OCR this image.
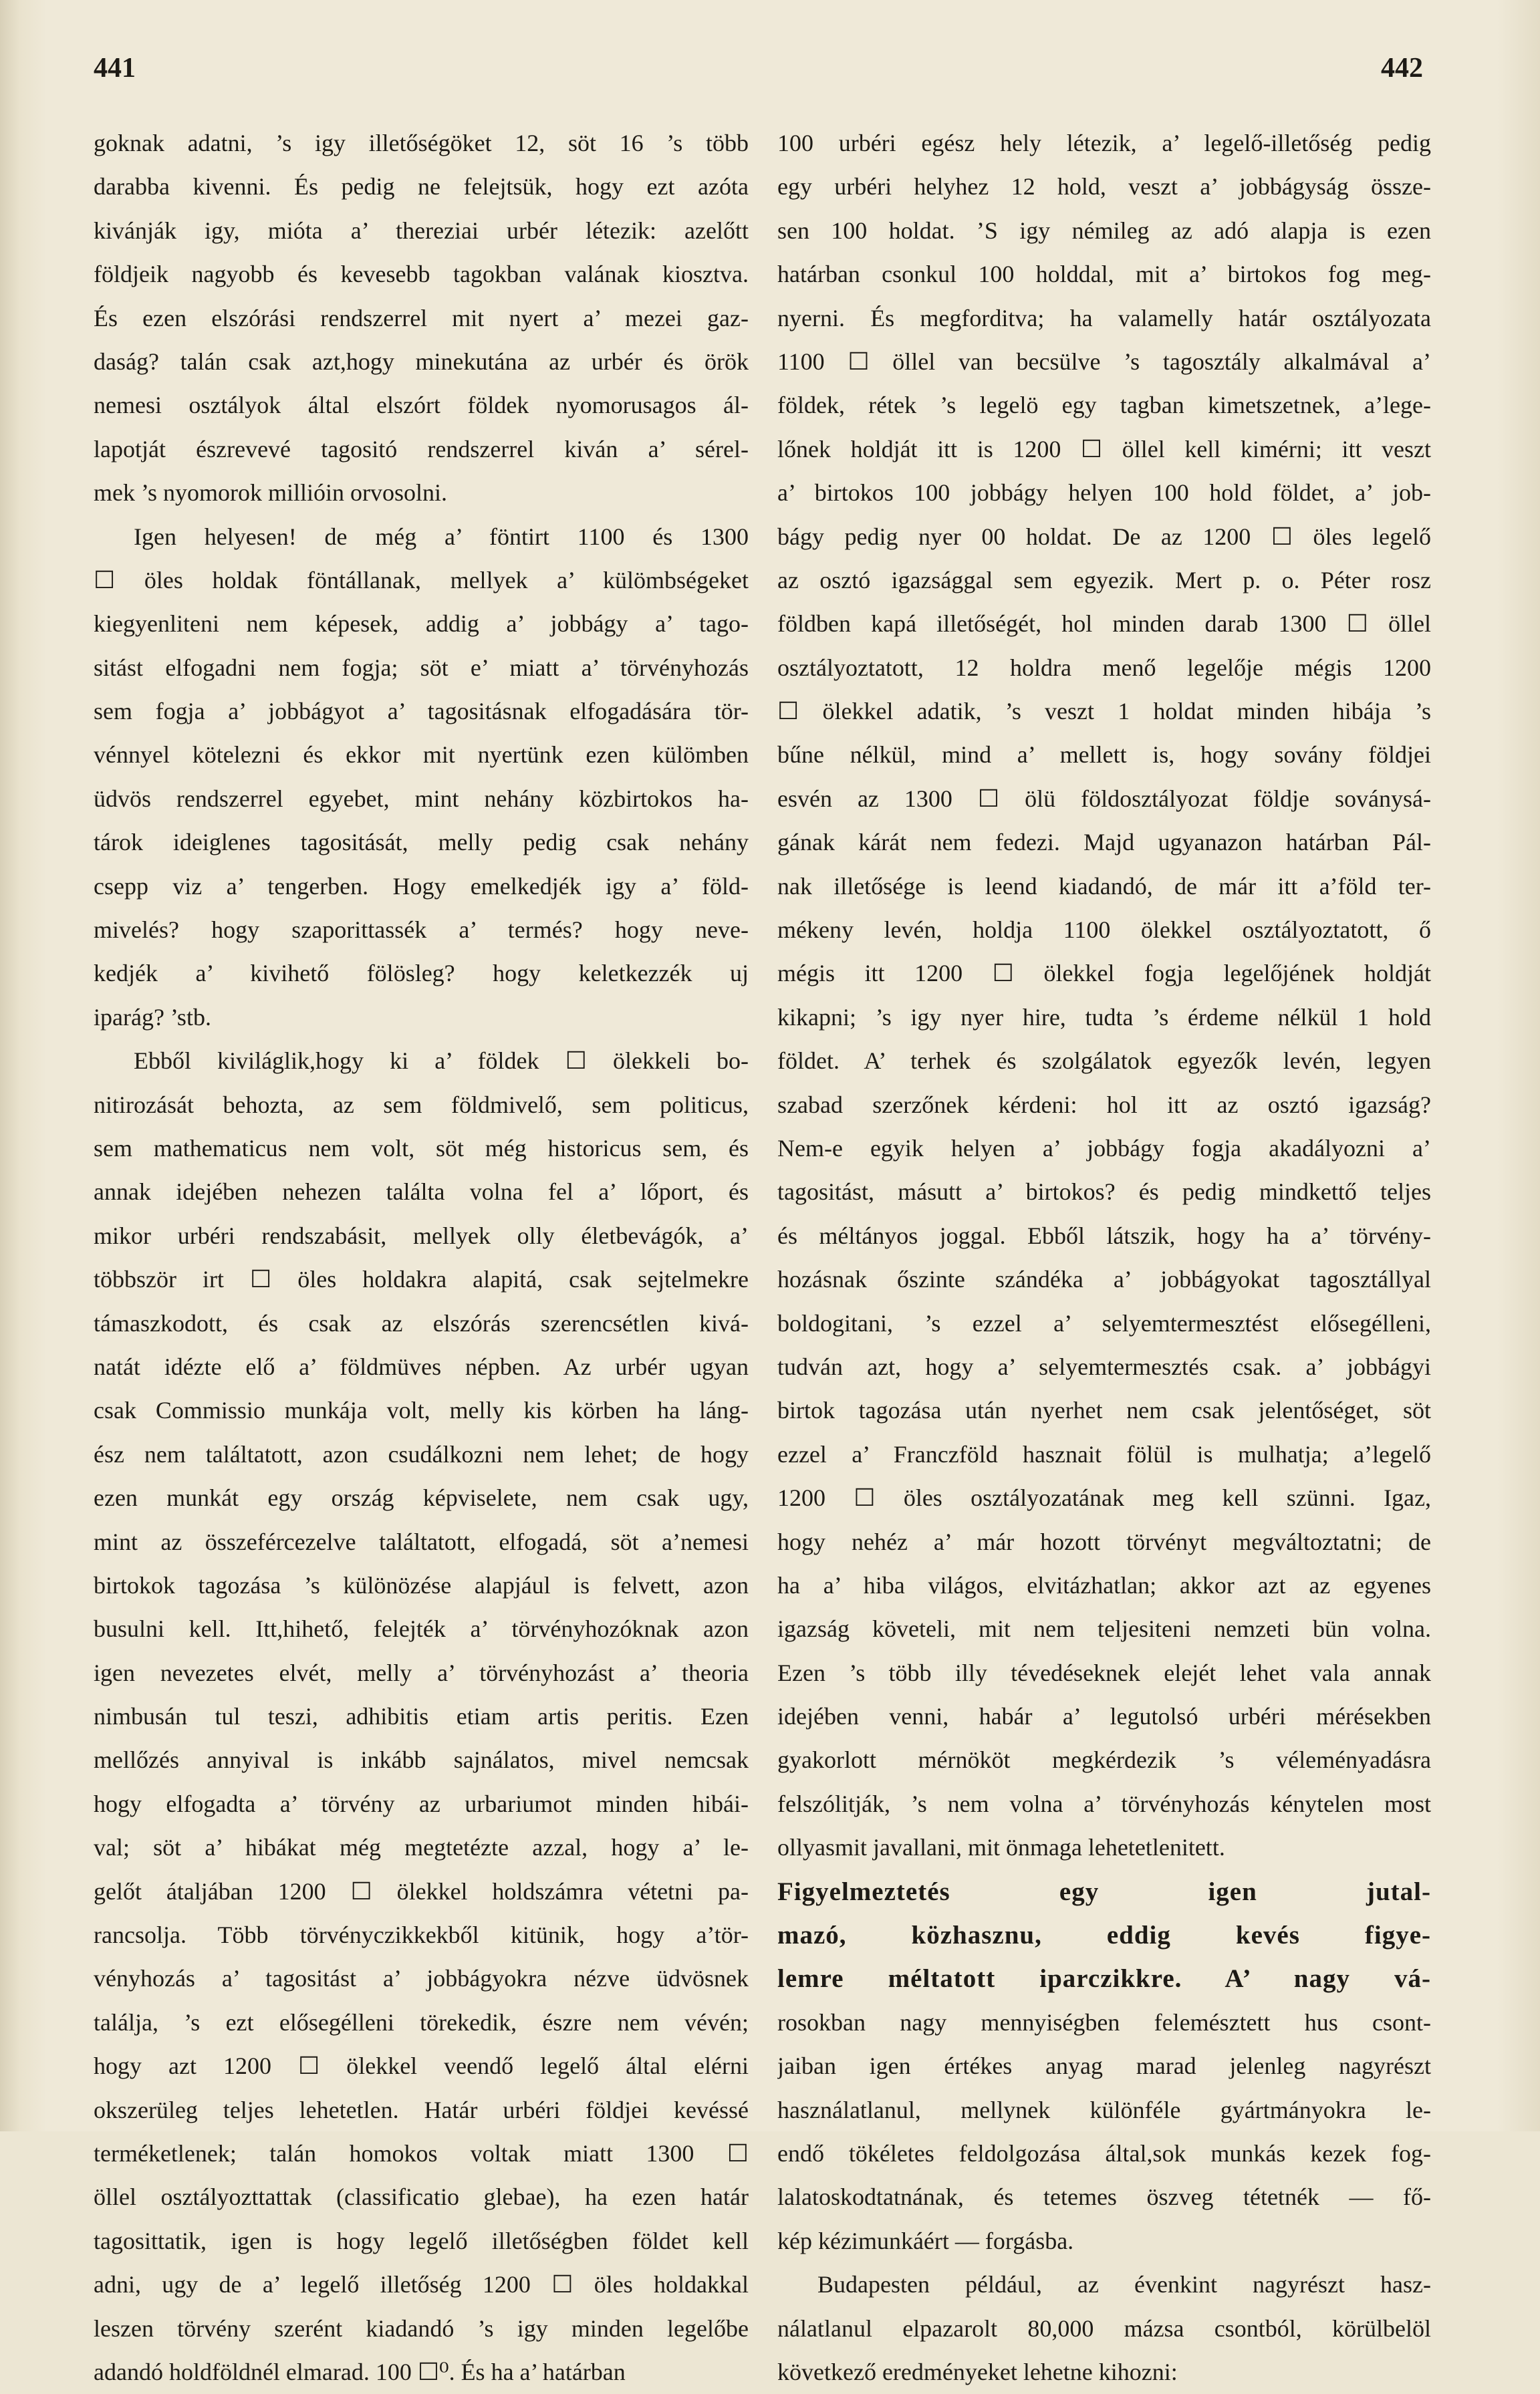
441	442
goknak adatni, ’s igy illetőségöket 12, söt 16 ’s több
darabba kivenni. És pedig ne felejtsük, hogy ezt azóta
kivánják igy, mióta a’ thereziai urbér létezik: azelőtt
földjeik nagyobb és kevesebb tagokban valának kiosztva.
És ezen elszórási rendszerrel mit nyert a’ mezei gaz-
daság? talán csak azt,hogy minekutána az urbér és örök
nemesi osztályok által elszórt földek nyomorusagos ál-
lapotját észrevevé tagositó rendszerrel kiván a’ sérel-
mek ’s nyomorok millióin orvosolni.
Igen helyesen! de még a’ föntirt 1100 és 1300
☐ öles holdak föntállanak, mellyek a’ külömbségeket
kiegyenliteni nem képesek, addig a’ jobbágy a’ tago-
sitást elfogadni nem fogja; söt e’ miatt a’ törvényhozás
sem fogja a’ jobbágyot a’ tagositásnak elfogadására tör-
vénnyel kötelezni és ekkor mit nyertünk ezen külömben
üdvös rendszerrel egyebet, mint nehány közbirtokos ha-
tárok ideiglenes tagositását, melly pedig csak nehány
csepp viz a’ tengerben. Hogy emelkedjék igy a’ föld-
mivelés? hogy szaporittassék a’ termés? hogy neve-
kedjék a’ kivihető fölösleg? hogy keletkezzék uj
iparág? ’stb.
Ebből kiviláglik,hogy ki a’ földek ☐ ölekkeli bo-
nitirozását behozta, az sem földmivelő, sem politicus,
sem mathematicus nem volt, söt még historicus sem, és
annak idejében nehezen találta volna fel a’ lőport, és
mikor urbéri rendszabásit, mellyek olly életbevágók, a’
többször irt ☐ öles holdakra alapitá, csak sejtelmekre
támaszkodott, és csak az elszórás szerencsétlen kivá-
natát idézte elő a’ földmüves népben. Az urbér ugyan
csak Commissio munkája volt, melly kis körben ha láng-
ész nem találtatott, azon csudálkozni nem lehet; de hogy
ezen munkát egy ország képviselete, nem csak ugy,
mint az összefércezelve találtatott, elfogadá, söt a’nemesi
birtokok tagozása ’s különözése alapjául is felvett, azon
busulni kell. Itt,hihető, felejték a’ törvényhozóknak azon
igen nevezetes elvét, melly a’ törvényhozást a’ theoria
nimbusán tul teszi, adhibitis etiam artis peritis. Ezen
mellőzés annyival is inkább sajnálatos, mivel nemcsak
hogy elfogadta a’ törvény az urbariumot minden hibái-
val; söt a’ hibákat még megtetézte azzal, hogy a’ le-
gelőt átaljában 1200 ☐ ölekkel holdszámra vétetni pa-
rancsolja. Több törvényczikkekből kitünik, hogy a’tör-
vényhozás a’ tagositást a’ jobbágyokra nézve üdvösnek
találja, ’s ezt elősegélleni törekedik, észre nem vévén;
hogy azt 1200 ☐ ölekkel veendő legelő által elérni
okszerüleg teljes lehetetlen. Határ urbéri földjei kevéssé
terméketlenek; talán homokos voltak miatt 1300 ☐
öllel osztályozttattak (classificatio glebae), ha ezen határ
tagosittatik, igen is hogy legelő illetőségben földet kell
adni, ugy de a’ legelő illetőség 1200 ☐ öles holdakkal
leszen törvény szerént kiadandó ’s igy minden legelőbe
adandó holdföldnél elmarad. 100 ☐⁰. És ha a’ határban
100 urbéri egész hely létezik, a’ legelő-illetőség pedig
egy urbéri helyhez 12 hold, veszt a’ jobbágyság össze-
sen 100 holdat. ’S igy némileg az adó alapja is ezen
határban csonkul 100 holddal, mit a’ birtokos fog meg-
nyerni. És megforditva; ha valamelly határ osztályozata
1100 ☐ öllel van becsülve ’s tagosztály alkalmával a’
földek, rétek ’s legelö egy tagban kimetszetnek, a’lege-
lőnek holdját itt is 1200 ☐ öllel kell kimérni; itt veszt
a’ birtokos 100 jobbágy helyen 100 hold földet, a’ job-
bágy pedig nyer 00 holdat. De az 1200 ☐ öles legelő
az osztó igazsággal sem egyezik. Mert p. o. Péter rosz
földben kapá illetőségét, hol minden darab 1300 ☐ öllel
osztályoztatott, 12 holdra menő legelője mégis 1200
☐ ölekkel adatik, ’s veszt 1 holdat minden hibája ’s
bűne nélkül, mind a’ mellett is, hogy sovány földjei
esvén az 1300 ☐ ölü földosztályozat földje soványsá-
gának kárát nem fedezi. Majd ugyanazon határban Pál-
nak illetősége is leend kiadandó, de már itt a’föld ter-
mékeny levén, holdja 1100 ölekkel osztályoztatott, ő
mégis itt 1200 ☐ ölekkel fogja legelőjének holdját
kikapni; ’s igy nyer hire, tudta ’s érdeme nélkül 1 hold
földet. A’ terhek és szolgálatok egyezők levén, legyen
szabad szerzőnek kérdeni: hol itt az osztó igazság?
Nem-e egyik helyen a’ jobbágy fogja akadályozni a’
tagositást, másutt a’ birtokos? és pedig mindkettő teljes
és méltányos joggal. Ebből látszik, hogy ha a’ törvény-
hozásnak őszinte szándéka a’ jobbágyokat tagosztállyal
boldogitani, ’s ezzel a’ selyemtermesztést elősegélleni,
tudván azt, hogy a’ selyemtermesztés csak. a’ jobbágyi
birtok tagozása után nyerhet nem csak jelentőséget, söt
ezzel a’ Franczföld hasznait fölül is mulhatja; a’legelő
1200 ☐ öles osztályozatának meg kell szünni. Igaz,
hogy nehéz a’ már hozott törvényt megváltoztatni; de
ha a’ hiba világos, elvitázhatlan; akkor azt az egyenes
igazság követeli, mit nem teljesiteni nemzeti bün volna.
Ezen ’s több illy tévedéseknek elejét lehet vala annak
idejében venni, habár a’ legutolsó urbéri mérésekben
gyakorlott mérnököt megkérdezik ’s véleményadásra
felszólitják, ’s nem volna a’ törvényhozás kénytelen most
ollyasmit javallani, mit önmaga lehetetlenitett.
Figyelmeztetés egy igen jutal-
mazó, közhasznu, eddig kevés figye-
lemre méltatott iparczikkre. A’ nagy vá-
rosokban nagy mennyiségben felemésztett hus csont-
jaiban igen értékes anyag marad jelenleg nagyrészt
használatlanul, mellynek különféle gyártmányokra le-
endő tökéletes feldolgozása által,sok munkás kezek fog-
lalatoskodtatnának, és tetemes öszveg tétetnék — fő-
kép kézimunkáért — forgásba.
Budapesten például, az évenkint nagyrészt hasz-
nálatlanul elpazarolt 80,000 mázsa csontból, körülbelöl
következő eredményeket lehetne kihozni:
